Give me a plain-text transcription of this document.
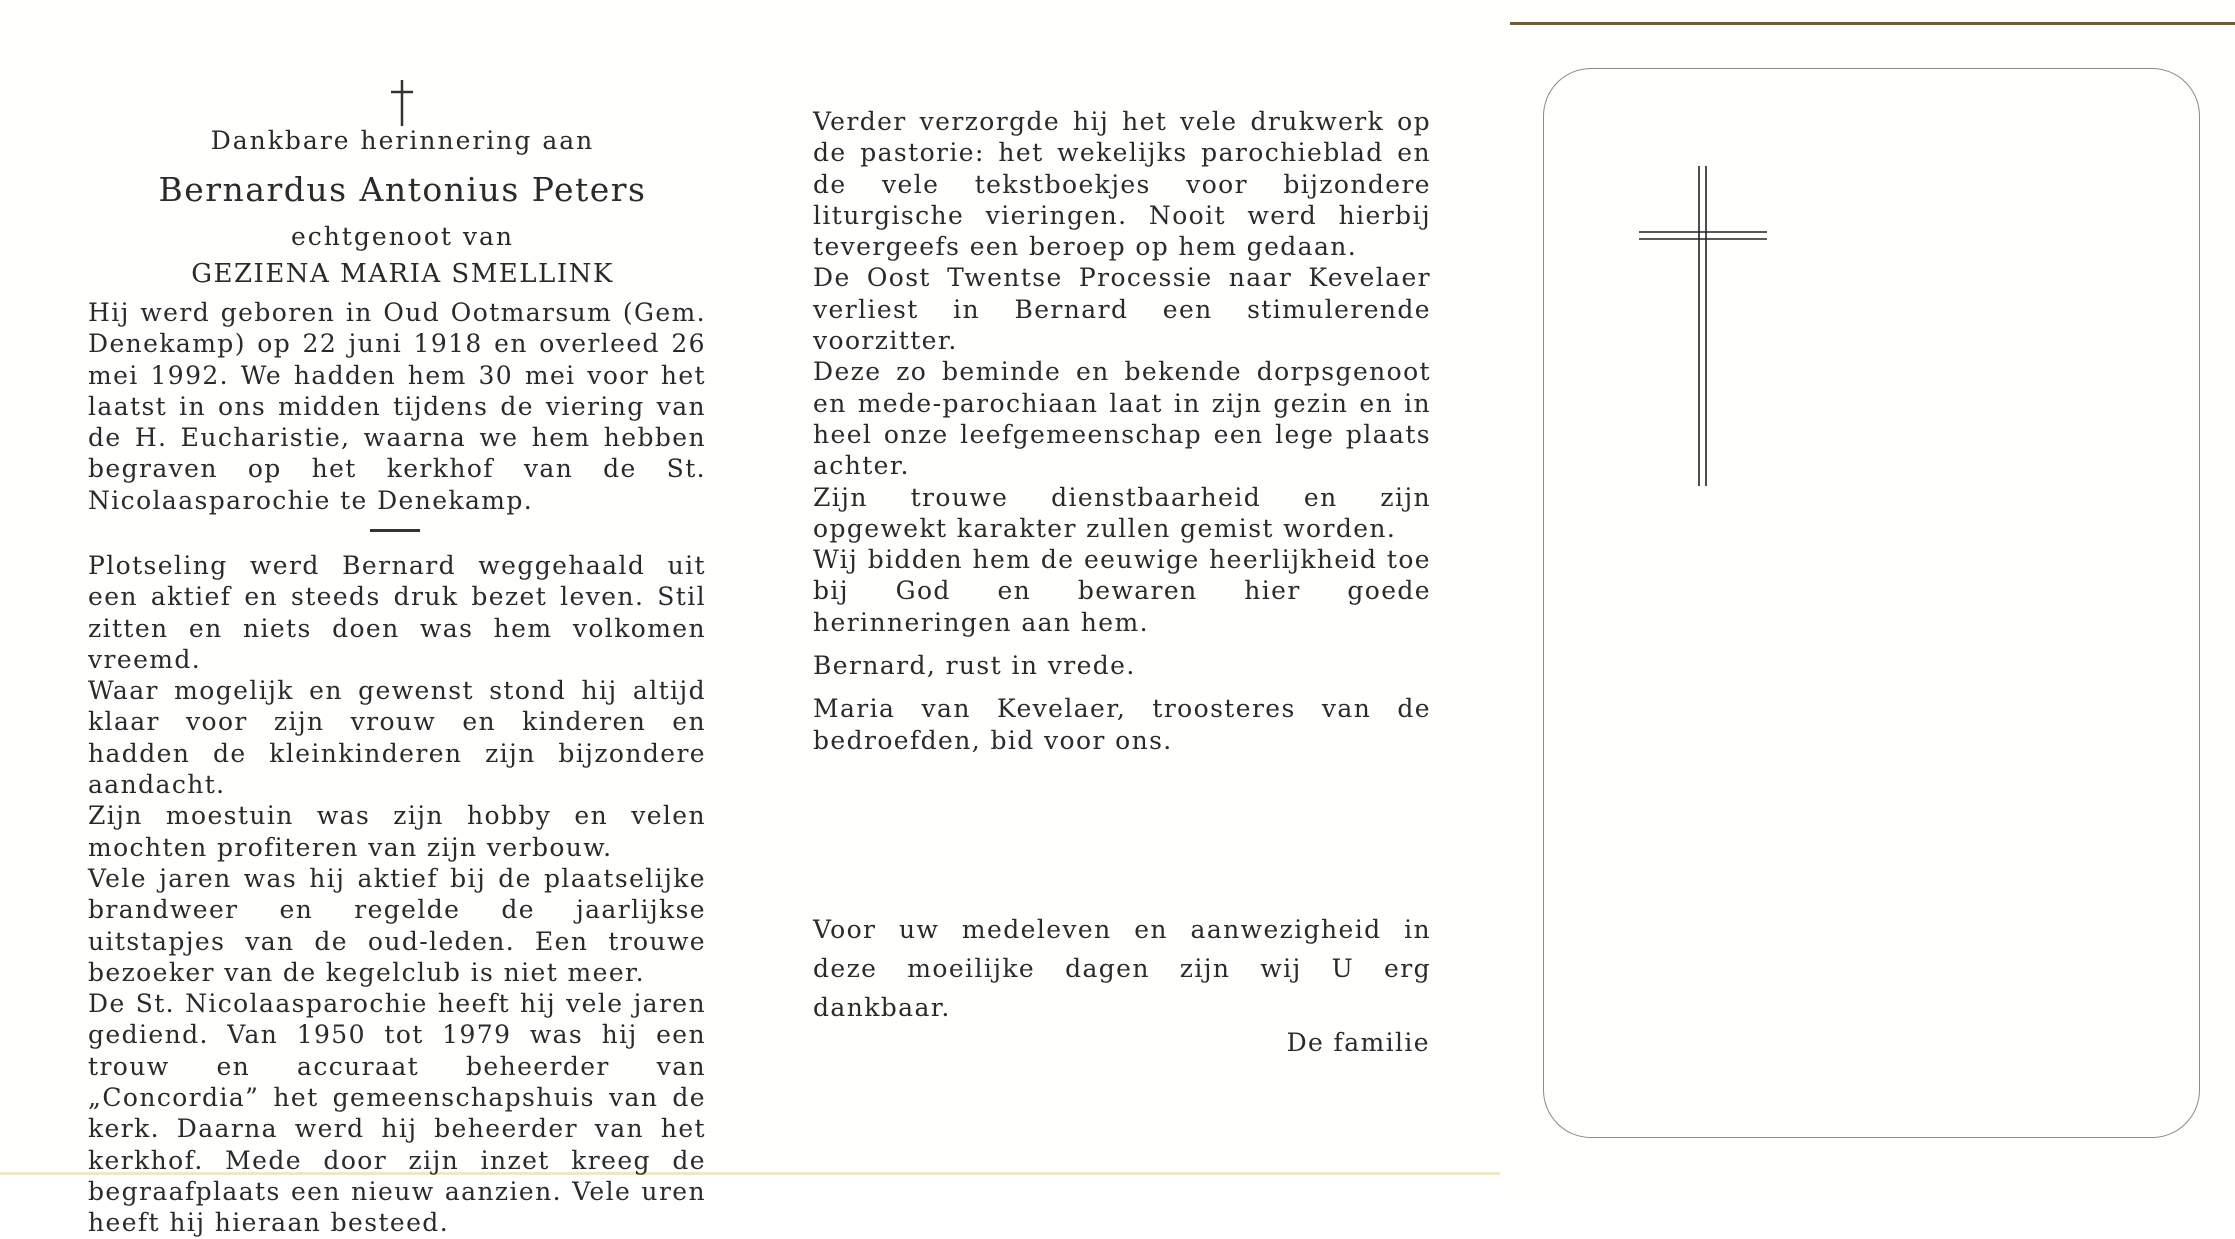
Dankbare herinnering aan

Bernardus Antonius Peters

echtgenoot van

GEZIENA MARIA SMELLINK

Hij werd geboren in Oud Ootmarsum (Gem. Denekamp) op 22 juni 1918 en overleed 26 mei 1992. We hadden hem 30 mei voor het laatst in ons midden tijdens de viering van de H. Eucharistie, waarna we hem hebben begraven op het kerkhof van de St. Nicolaasparochie te Denekamp.

Plotseling werd Bernard weggehaald uit een aktief en steeds druk bezet leven. Stil zitten en niets doen was hem volkomen vreemd.
Waar mogelijk en gewenst stond hij altijd klaar voor zijn vrouw en kinderen en hadden de kleinkinderen zijn bijzondere aandacht.
Zijn moestuin was zijn hobby en velen mochten profiteren van zijn verbouw.
Vele jaren was hij aktief bij de plaatselijke brandweer en regelde de jaarlijkse uitstapjes van de oud-leden. Een trouwe bezoeker van de kegelclub is niet meer.
De St. Nicolaasparochie heeft hij vele jaren gediend. Van 1950 tot 1979 was hij een trouw en accuraat beheerder van „Concordia” het gemeenschapshuis van de kerk. Daarna werd hij beheerder van het kerkhof. Mede door zijn inzet kreeg de begraafplaats een nieuw aanzien. Vele uren heeft hij hieraan besteed.
Verder verzorgde hij het vele drukwerk op de pastorie: het wekelijks parochieblad en de vele tekstboekjes voor bijzondere liturgische vieringen. Nooit werd hierbij tevergeefs een beroep op hem gedaan.
De Oost Twentse Processie naar Kevelaer verliest in Bernard een stimulerende voorzitter.
Deze zo beminde en bekende dorpsgenoot en mede-parochiaan laat in zijn gezin en in heel onze leefgemeenschap een lege plaats achter.
Zijn trouwe dienstbaarheid en zijn opgewekt karakter zullen gemist worden.
Wij bidden hem de eeuwige heerlijkheid toe bij God en bewaren hier goede herinneringen aan hem.
Bernard, rust in vrede.
Maria van Kevelaer, troosteres van de bedroefden, bid voor ons.

Voor uw medeleven en aanwezigheid in deze moeilijke dagen zijn wij U erg dankbaar.

De familie
